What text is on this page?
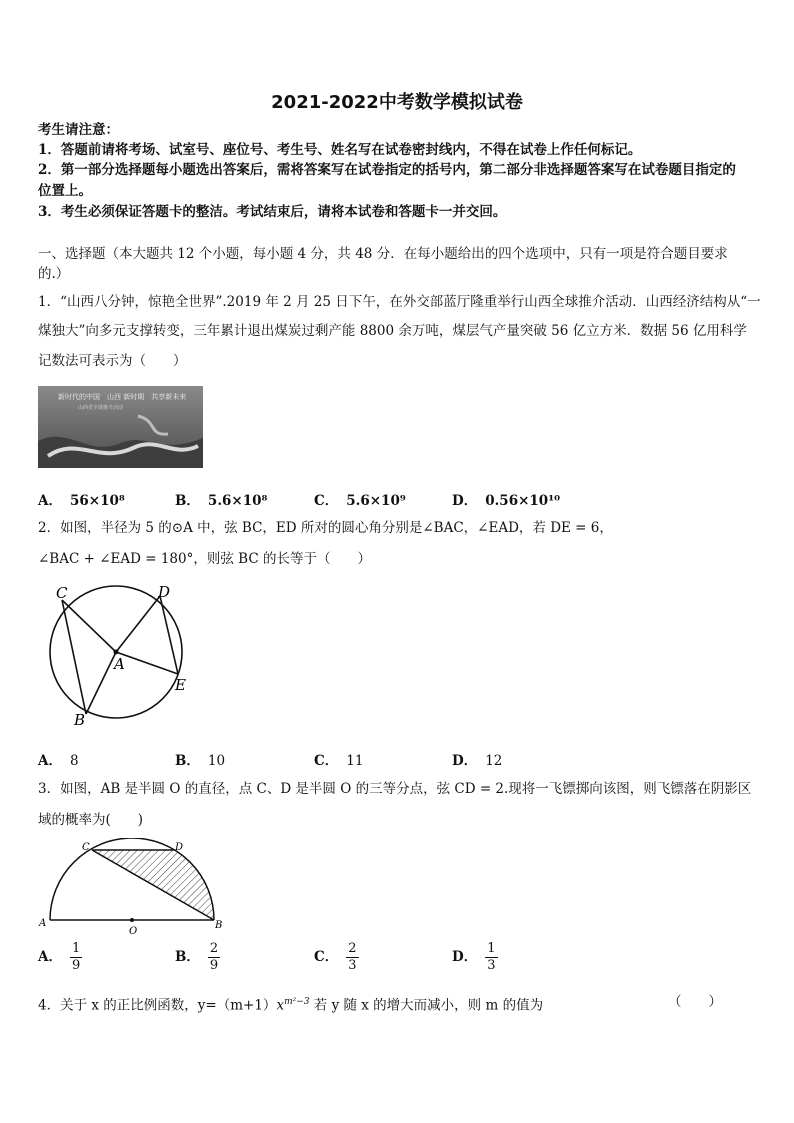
2021-2022中考数学模拟试卷
考生请注意：
1．答题前请将考场、试室号、座位号、考生号、姓名写在试卷密封线内，不得在试卷上作任何标记。
2．第一部分选择题每小题选出答案后，需将答案写在试卷指定的括号内，第二部分非选择题答案写在试卷题目指定的
位置上。
3．考生必须保证答题卡的整洁。考试结束后，请将本试卷和答题卡一并交回。
一、选择题（本大题共 12 个小题，每小题 4 分，共 48 分．在每小题给出的四个选项中，只有一项是符合题目要求
的.）
1．“山西八分钟，惊艳全世界”.2019 年 2 月 25 日下午，在外交部蓝厅隆重举行山西全球推介活动．山西经济结构从“一
煤独大”向多元支撑转变，三年累计退出煤炭过剩产能 8800 余万吨，煤层气产量突破 56 亿立方米．数据 56 亿用科学
记数法可表示为（　　）
新时代的中国　山西 新时期　共享新未来
山西省全球推介活动
A． 56×10⁸	B． 5.6×10⁸	C． 5.6×10⁹	D． 0.56×10¹⁰
2．如图，半径为 5 的⊙A 中，弦 BC，ED 所对的圆心角分别是∠BAC，∠EAD，若 DE = 6，
∠BAC + ∠EAD = 180°，则弦 BC 的长等于（　　）
C	D
A
E
B
A． 8	B． 10	C． 11	D． 12
3．如图，AB 是半圆 O 的直径，点 C、D 是半圆 O 的三等分点，弦 CD = 2.现将一飞镖掷向该图，则飞镖落在阴影区
域的概率为(　　)
C	D
A
O
B
A． $\frac{1}{9}$	B． $\frac{2}{9}$	C． $\frac{2}{3}$	D． $\frac{1}{3}$
4．关于 x 的正比例函数，$y=(m+1)x^{m^2-3}$ 若 y 随 x 的增大而减小，则 m 的值为	（　　）
